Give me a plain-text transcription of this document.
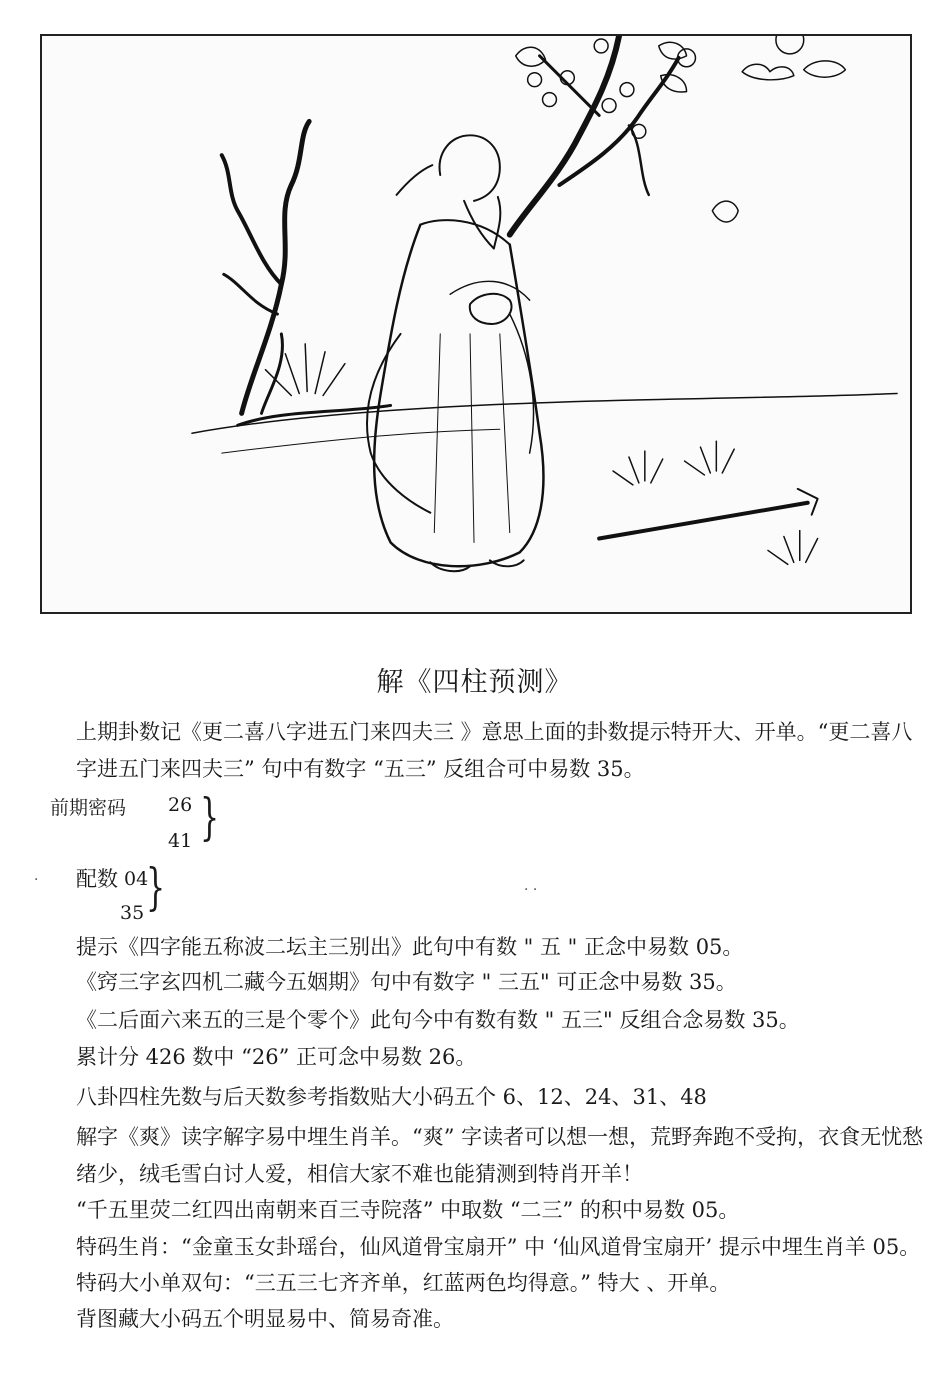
解《四柱预测》
上期卦数记《更二喜八字进五门来四夫三 》意思上面的卦数提示特开大、开单。“更二喜八
字进五门来四夫三” 句中有数字 “五三” 反组合可中易数 35。
前期密码 26
41 }
· 配数 04
35 }	· ·
提示《四字能五称波二坛主三别出》此句中有数 " 五 " 正念中易数 05。
《窍三字玄四机二藏今五姻期》句中有数字 " 三五" 可正念中易数 35。
《二后面六来五的三是个零个》此句今中有数有数 " 五三" 反组合念易数 35。
累计分 426 数中 “26” 正可念中易数 26。
八卦四柱先数与后天数参考指数贴大小码五个 6、12、24、31、48
解字《爽》读字解字易中埋生肖羊。“爽” 字读者可以想一想，荒野奔跑不受拘，衣食无忧愁
绪少，绒毛雪白讨人爱，相信大家不难也能猜测到特肖开羊！
“千五里荧二红四出南朝来百三寺院落” 中取数 “二三” 的积中易数 05。
特码生肖：“金童玉女卦瑶台，仙风道骨宝扇开” 中 ‘仙风道骨宝扇开’ 提示中埋生肖羊 05。
特码大小单双句：“三五三七齐齐单，红蓝两色均得意。” 特大 、开单。
背图藏大小码五个明显易中、简易奇准。
